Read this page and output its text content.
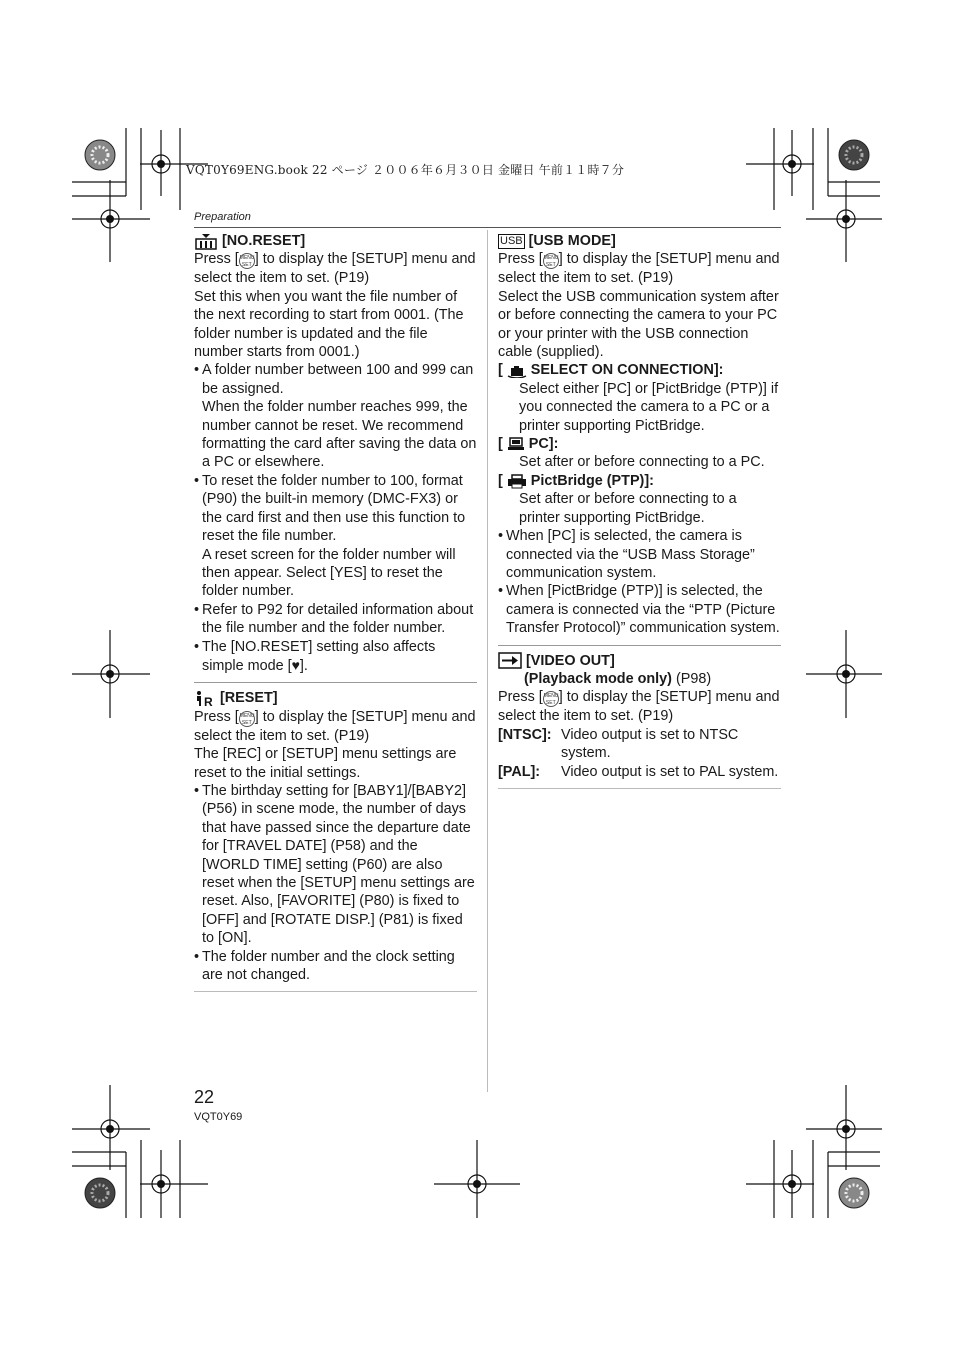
VQT0Y69ENG.book 22 ページ ２００６年６月３０日 金曜日 午前１１時７分
Preparation
[NO.RESET]

Press [MENU
SET ] to display the [SETUP] menu and select the item to set. (P19)

Set this when you want the file number of the next recording to start from 0001. (The folder number is updated and the file number starts from 0001.)

• A folder number between 100 and 999 can be assigned.

When the folder number reaches 999, the number cannot be reset. We recommend formatting the card after saving the data on a PC or elsewhere.

• To reset the folder number to 100, format (P90) the built-in memory (DMC-FX3) or the card first and then use this function to reset the file number.

A reset screen for the folder number will then appear. Select [YES] to reset the folder number.

• Refer to P92 for detailed information about the file number and the folder number.

• The [NO.RESET] setting also affects simple mode [♥].

R [RESET]

Press [MENU
SET ] to display the [SETUP] menu and select the item to set. (P19)

The [REC] or [SETUP] menu settings are reset to the initial settings.

• The birthday setting for [BABY1]/[BABY2] (P56) in scene mode, the number of days that have passed since the departure date for [TRAVEL DATE] (P58) and the [WORLD TIME] setting (P60) are also reset when the [SETUP] menu settings are reset. Also, [FAVORITE] (P80) is fixed to [OFF] and [ROTATE DISP.] (P81) is fixed to [ON].

• The folder number and the clock setting are not changed.

USB [USB MODE]

Press [MENU
SET ] to display the [SETUP] menu and select the item to set. (P19)

Select the USB communication system after or before connecting the camera to your PC or your printer with the USB connection cable (supplied).

[ SELECT ON CONNECTION]:

Select either [PC] or [PictBridge (PTP)] if you connected the camera to a PC or a printer supporting PictBridge.

[ PC]:

Set after or before connecting to a PC.

[ PictBridge (PTP)]:

Set after or before connecting to a printer supporting PictBridge.

• When [PC] is selected, the camera is connected via the “USB Mass Storage” communication system.

• When [PictBridge (PTP)] is selected, the camera is connected via the “PTP (Picture Transfer Protocol)” communication system.

[VIDEO OUT]

(Playback mode only) (P98)

Press [MENU
SET ] to display the [SETUP] menu and select the item to set. (P19)

[NTSC]: Video output is set to NTSC system.
[PAL]:	Video output is set to PAL system.
22
VQT0Y69
